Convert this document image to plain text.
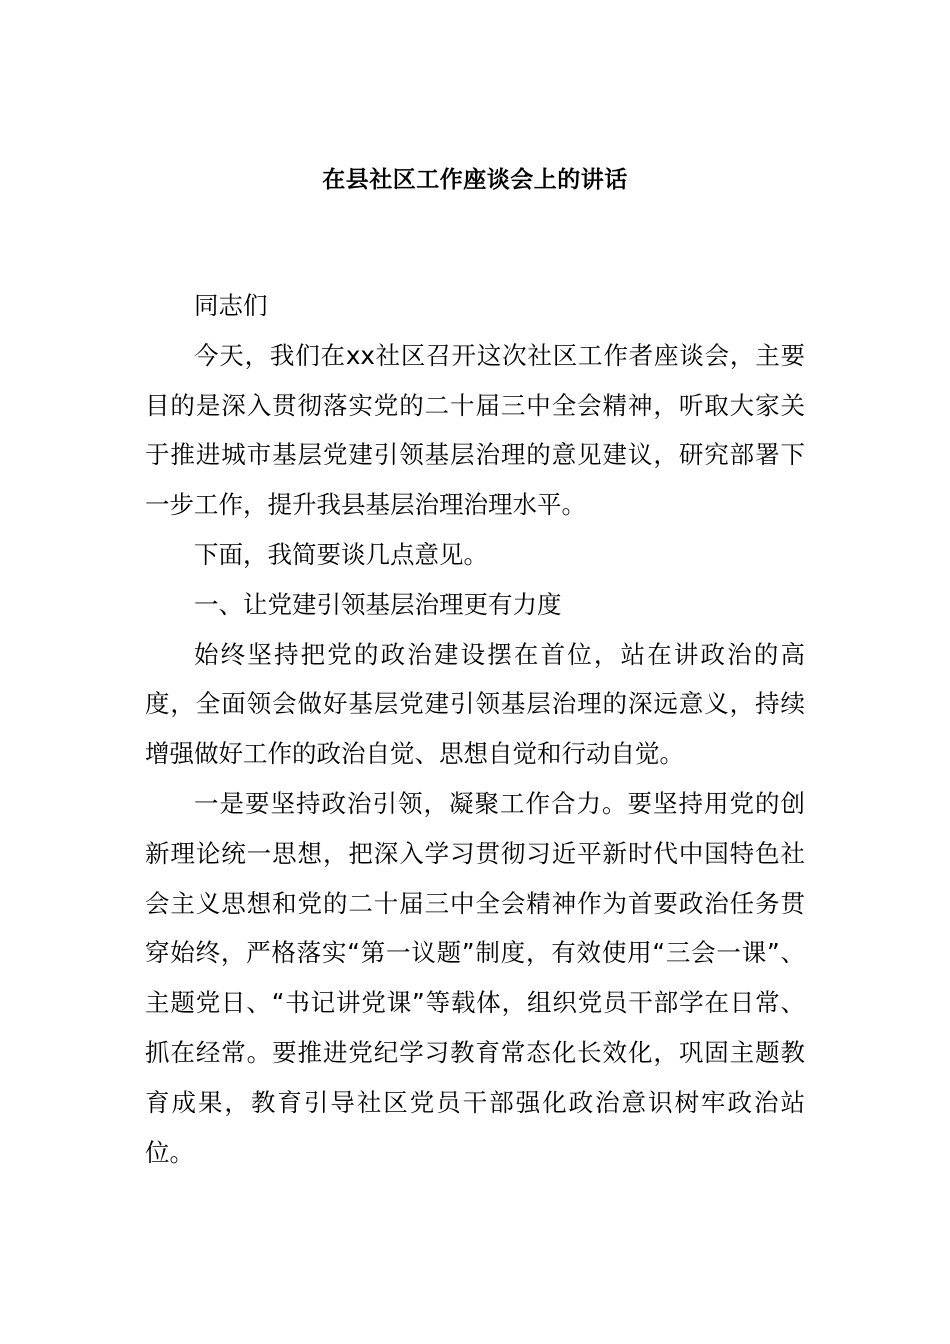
在县社区工作座谈会上的讲话

同志们

今天，我们在xx社区召开这次社区工作者座谈会，主要目的是深入贯彻落实党的二十届三中全会精神，听取大家关于推进城市基层党建引领基层治理的意见建议，研究部署下一步工作，提升我县基层治理治理水平。

下面，我简要谈几点意见。

一、让党建引领基层治理更有力度

始终坚持把党的政治建设摆在首位，站在讲政治的高度，全面领会做好基层党建引领基层治理的深远意义，持续增强做好工作的政治自觉、思想自觉和行动自觉。

一是要坚持政治引领，凝聚工作合力。要坚持用党的创新理论统一思想，把深入学习贯彻习近平新时代中国特色社会主义思想和党的二十届三中全会精神作为首要政治任务贯穿始终，严格落实“第一议题”制度，有效使用“三会一课”、主题党日、“书记讲党课”等载体，组织党员干部学在日常、抓在经常。要推进党纪学习教育常态化长效化，巩固主题教育成果，教育引导社区党员干部强化政治意识树牢政治站位。
